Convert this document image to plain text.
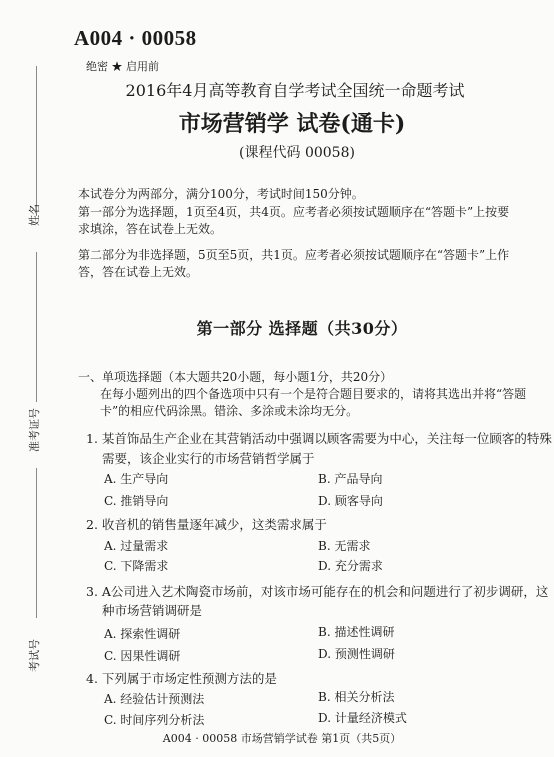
A004 · 00058
绝密 ★ 启用前
2016年4月高等教育自学考试全国统一命题考试
市场营销学 试卷(通卡)
(课程代码 00058)
姓名
准考证号
考试号
本试卷分为两部分，满分100分，考试时间150分钟。
第一部分为选择题，1页至4页，共4页。应考者必须按试题顺序在“答题卡”上按要
求填涂，答在试卷上无效。
第二部分为非选择题，5页至5页，共1页。应考者必须按试题顺序在“答题卡”上作
答，答在试卷上无效。
第一部分 选择题（共30分）
一、单项选择题（本大题共20小题，每小题1分，共20分）
在每小题列出的四个备选项中只有一个是符合题目要求的，请将其选出并将“答题
卡”的相应代码涂黑。错涂、多涂或未涂均无分。
1. 某首饰品生产企业在其营销活动中强调以顾客需要为中心，关注每一位顾客的特殊
需要，该企业实行的市场营销哲学属于
A. 生产导向	B. 产品导向
C. 推销导向	D. 顾客导向
2. 收音机的销售量逐年减少，这类需求属于
A. 过量需求	B. 无需求
C. 下降需求	D. 充分需求
3. A公司进入艺术陶瓷市场前，对该市场可能存在的机会和问题进行了初步调研，这
种市场营销调研是
A. 探索性调研	B. 描述性调研
C. 因果性调研	D. 预测性调研
4. 下列属于市场定性预测方法的是
A. 经验估计预测法	B. 相关分析法
C. 时间序列分析法	D. 计量经济模式
A004 · 00058 市场营销学试卷 第1页（共5页）
